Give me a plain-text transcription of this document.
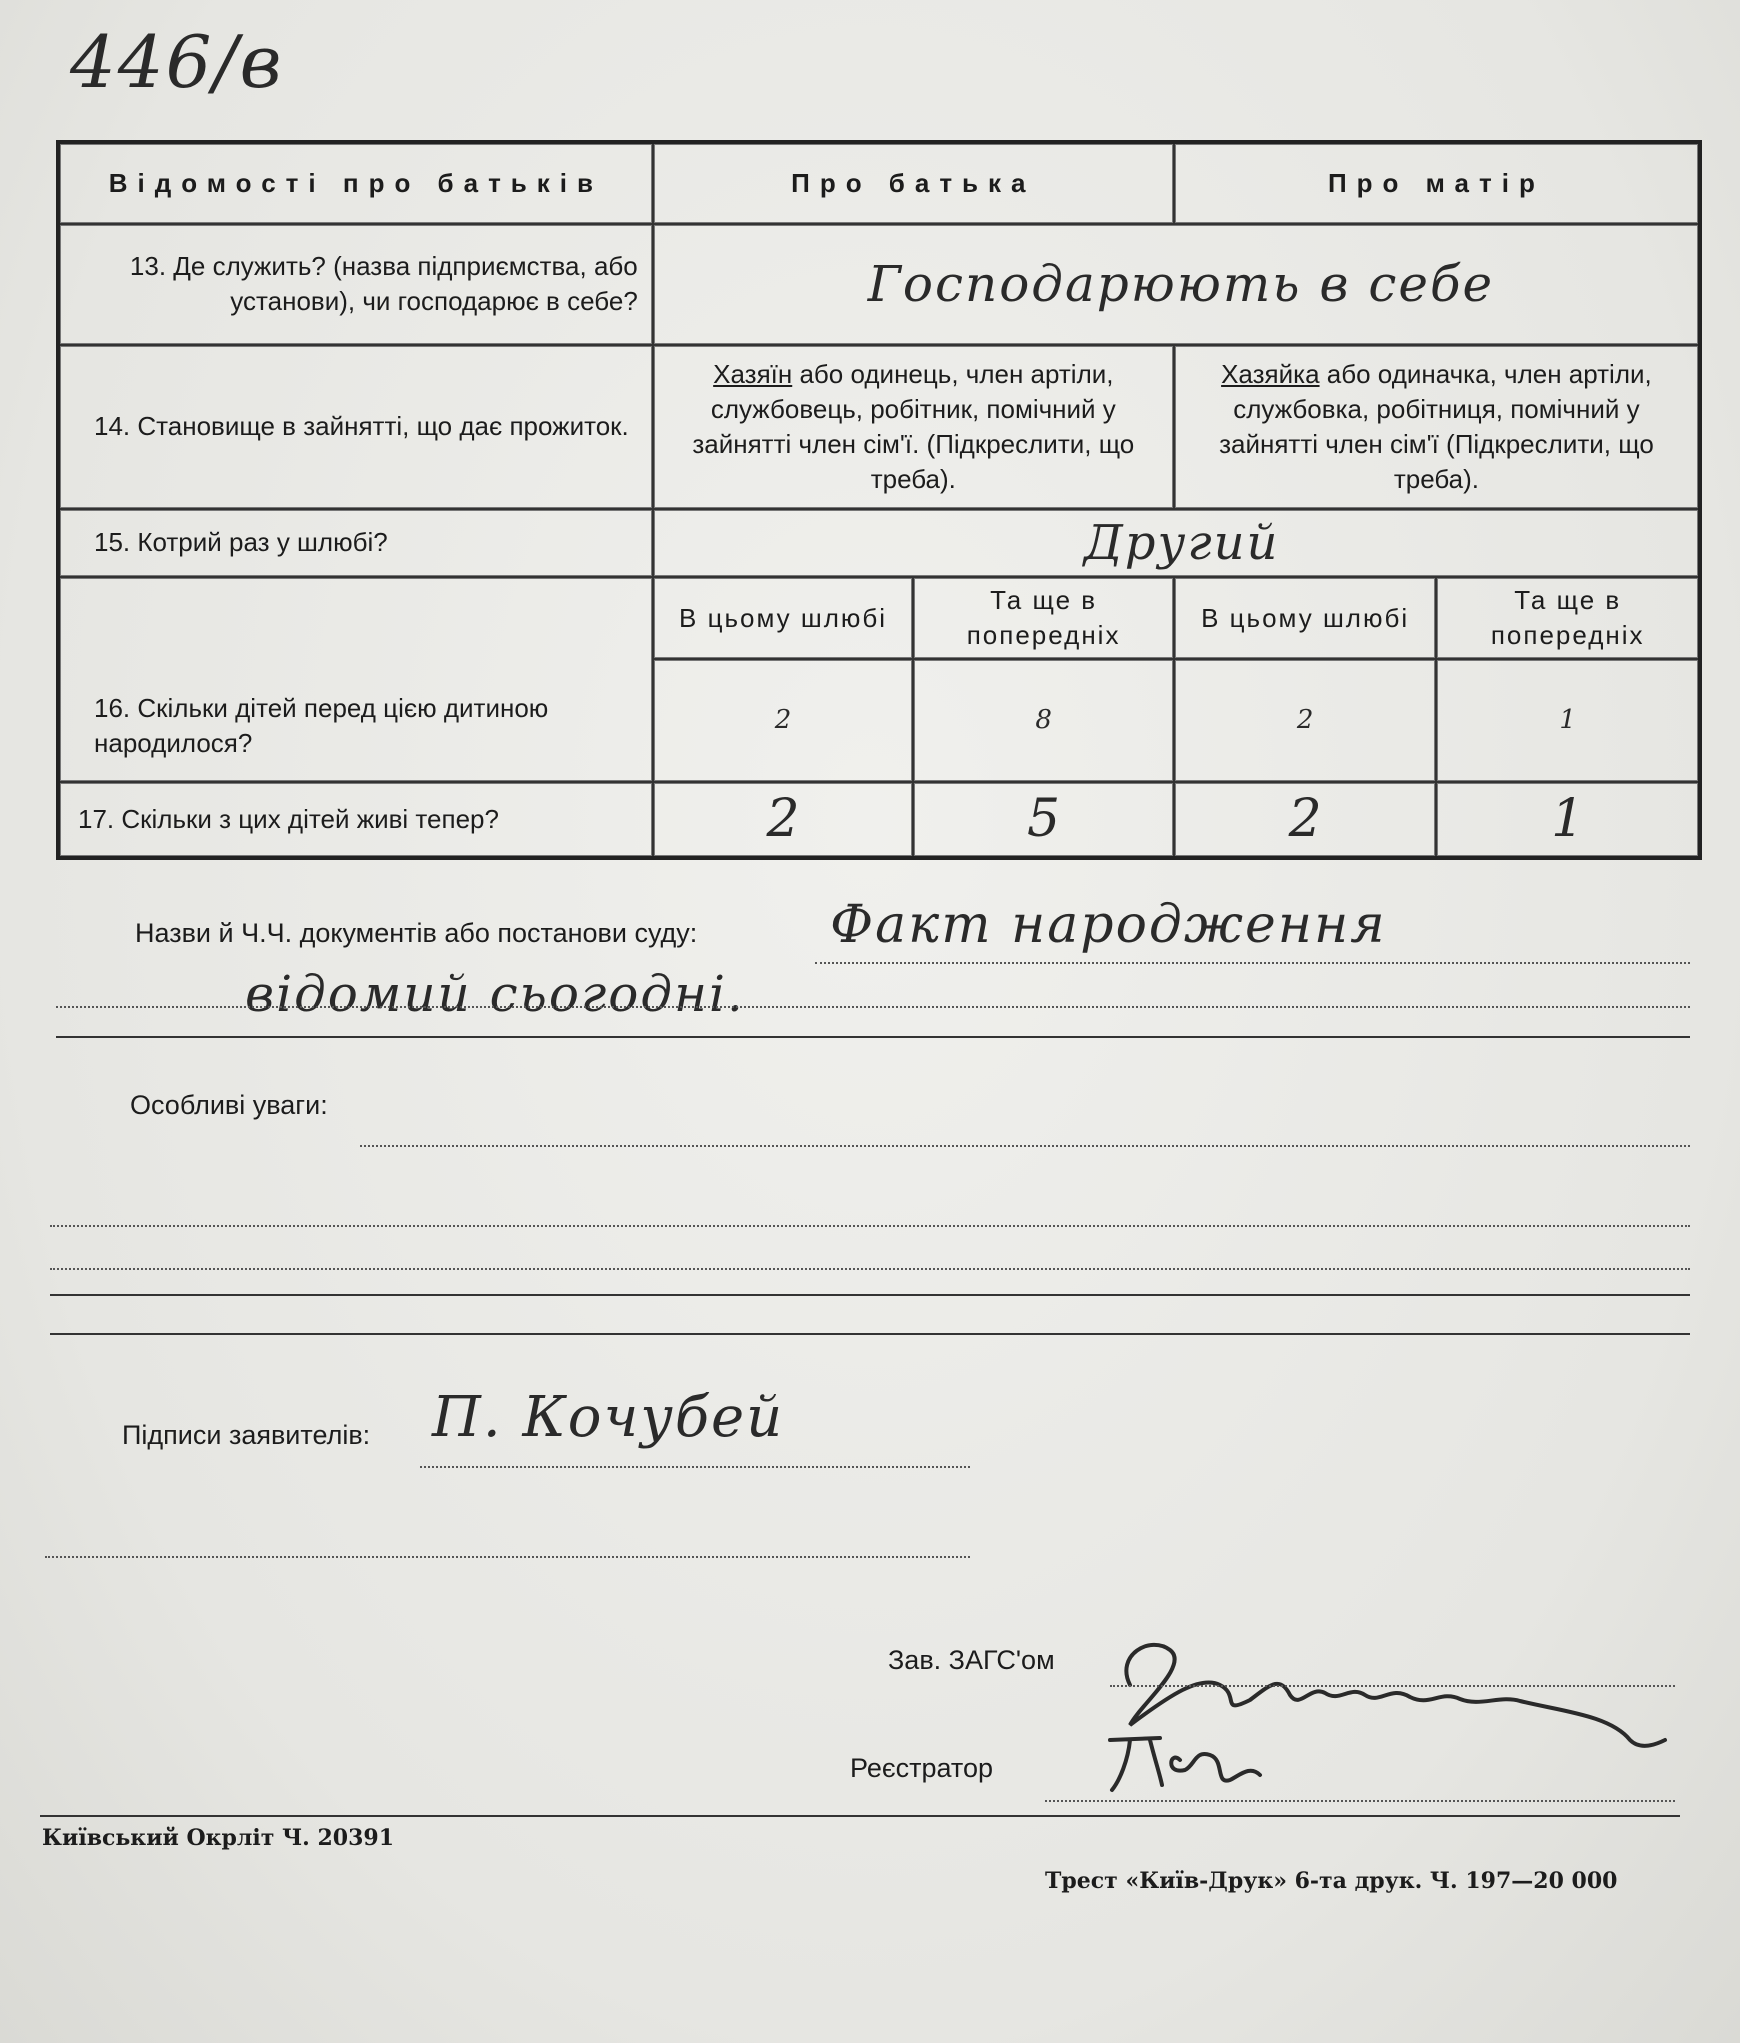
446/в
Відомості про батьків	Про батька		Про матір	
13. Де служить? (назва підприємства, або установи), чи господарює в себе?	Господарюють в себе			
14. Становище в зайнятті, що дає прожиток.	Хазяїн або одинець, член артіли, службовець, робітник, помічний у зайнятті член сім'ї. (Підкреслити, що треба).		Хазяйка або одиначка, член артіли, службовка, робітниця, помічний у зайнятті член сім'ї (Підкреслити, що треба).	
15. Котрий раз у шлюбі?	Другий			
16. Скільки дітей перед цією дитиною народилося?	В цьому шлюбі	Та ще в попередніх	В цьому шлюбі	Та ще в попередніх
	2	8	2	1
17. Скільки з цих дітей живі тепер?	2	5	2	1
Назви й Ч.Ч. документів або постанови суду:	Факт народження
відомий сьогодні.
Особливі уваги:
Підписи заявителів: П. Кочубей
Зав. ЗАГС'ом
Реєстратор
Київський Окрліт Ч. 20391
Трест «Київ-Друк» 6-та друк. Ч. 197—20 000
